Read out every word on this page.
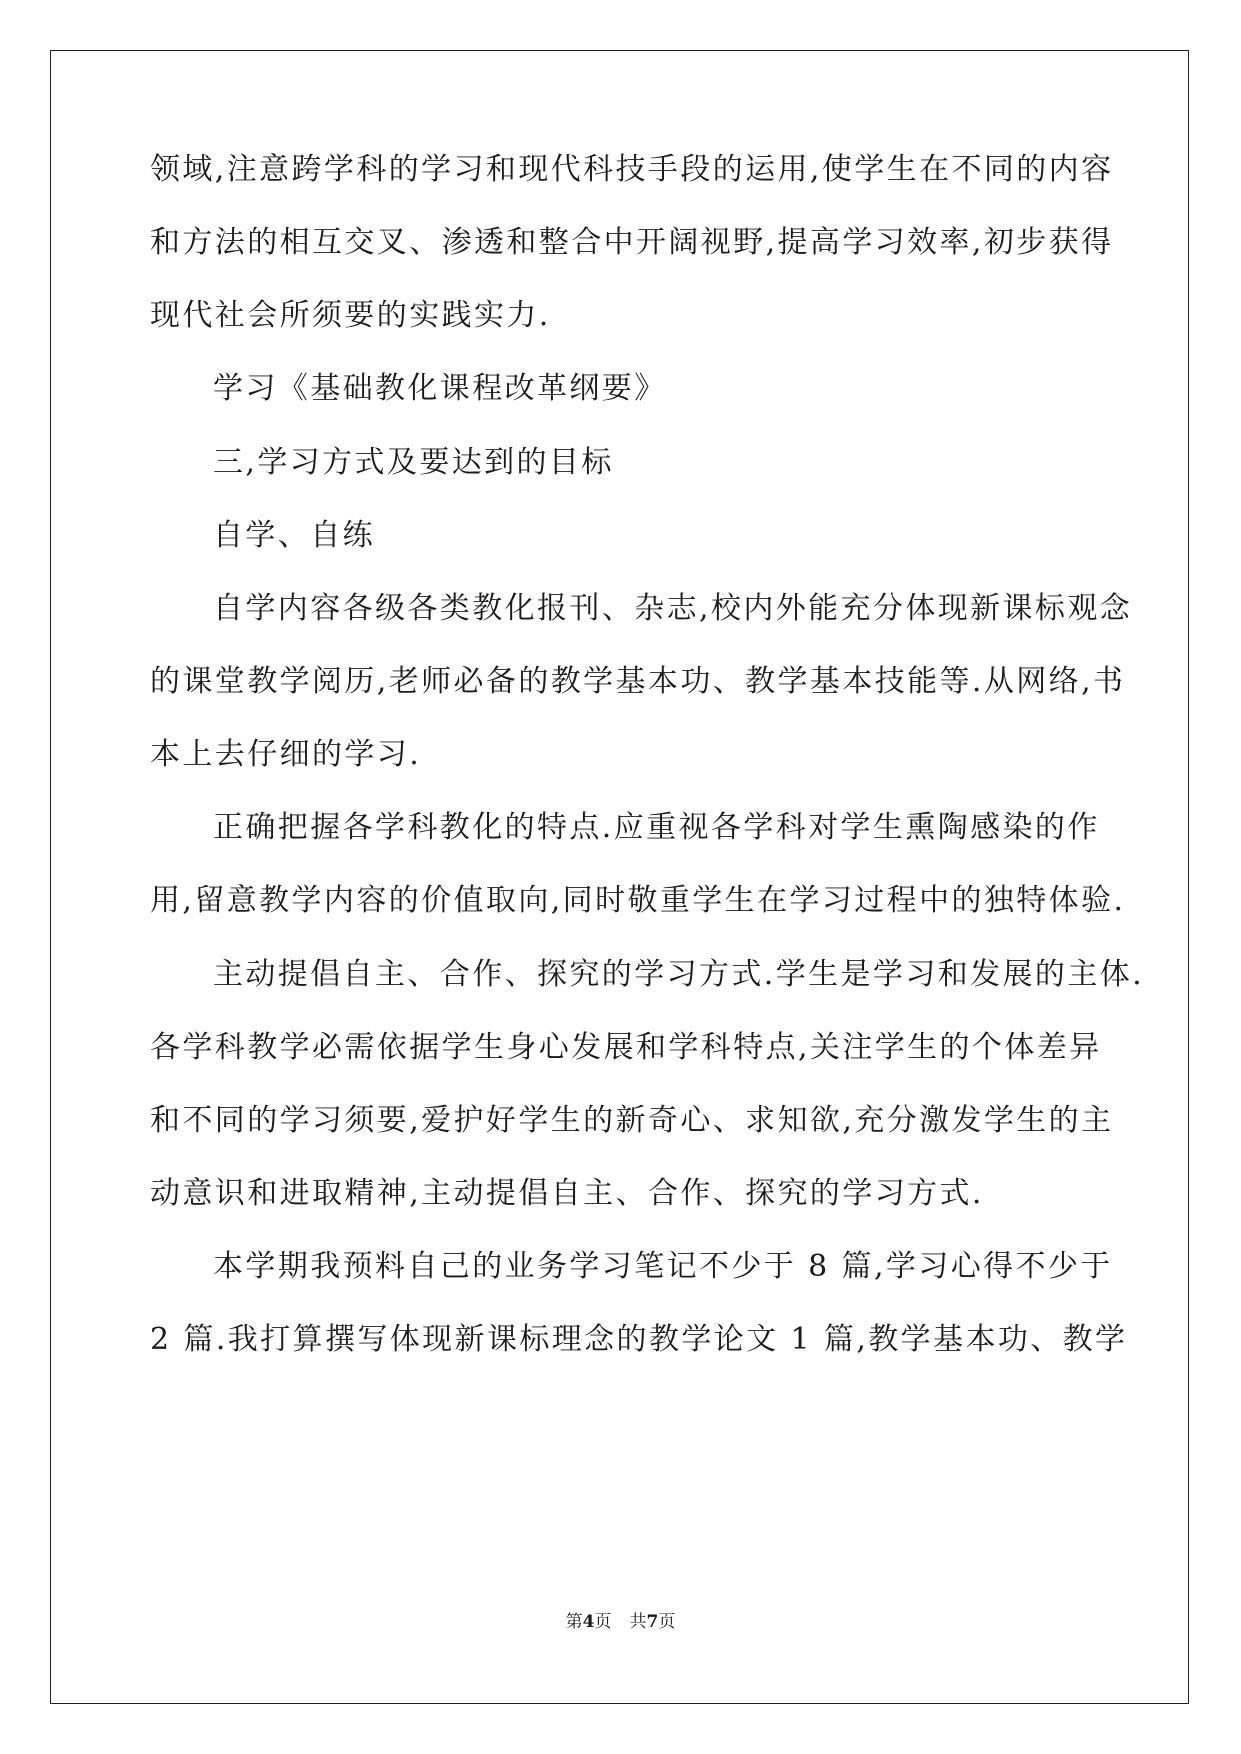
领域,注意跨学科的学习和现代科技手段的运用,使学生在不同的内容
和方法的相互交叉、渗透和整合中开阔视野,提高学习效率,初步获得
现代社会所须要的实践实力.
学习《基础教化课程改革纲要》
三,学习方式及要达到的目标
自学、自练
自学内容各级各类教化报刊、杂志,校内外能充分体现新课标观念
的课堂教学阅历,老师必备的教学基本功、教学基本技能等.从网络,书
本上去仔细的学习.
正确把握各学科教化的特点.应重视各学科对学生熏陶感染的作
用,留意教学内容的价值取向,同时敬重学生在学习过程中的独特体验.
主动提倡自主、合作、探究的学习方式.学生是学习和发展的主体.
各学科教学必需依据学生身心发展和学科特点,关注学生的个体差异
和不同的学习须要,爱护好学生的新奇心、求知欲,充分激发学生的主
动意识和进取精神,主动提倡自主、合作、探究的学习方式.
本学期我预料自己的业务学习笔记不少于 8 篇,学习心得不少于
2 篇.我打算撰写体现新课标理念的教学论文 1 篇,教学基本功、教学
第4页 共7页
